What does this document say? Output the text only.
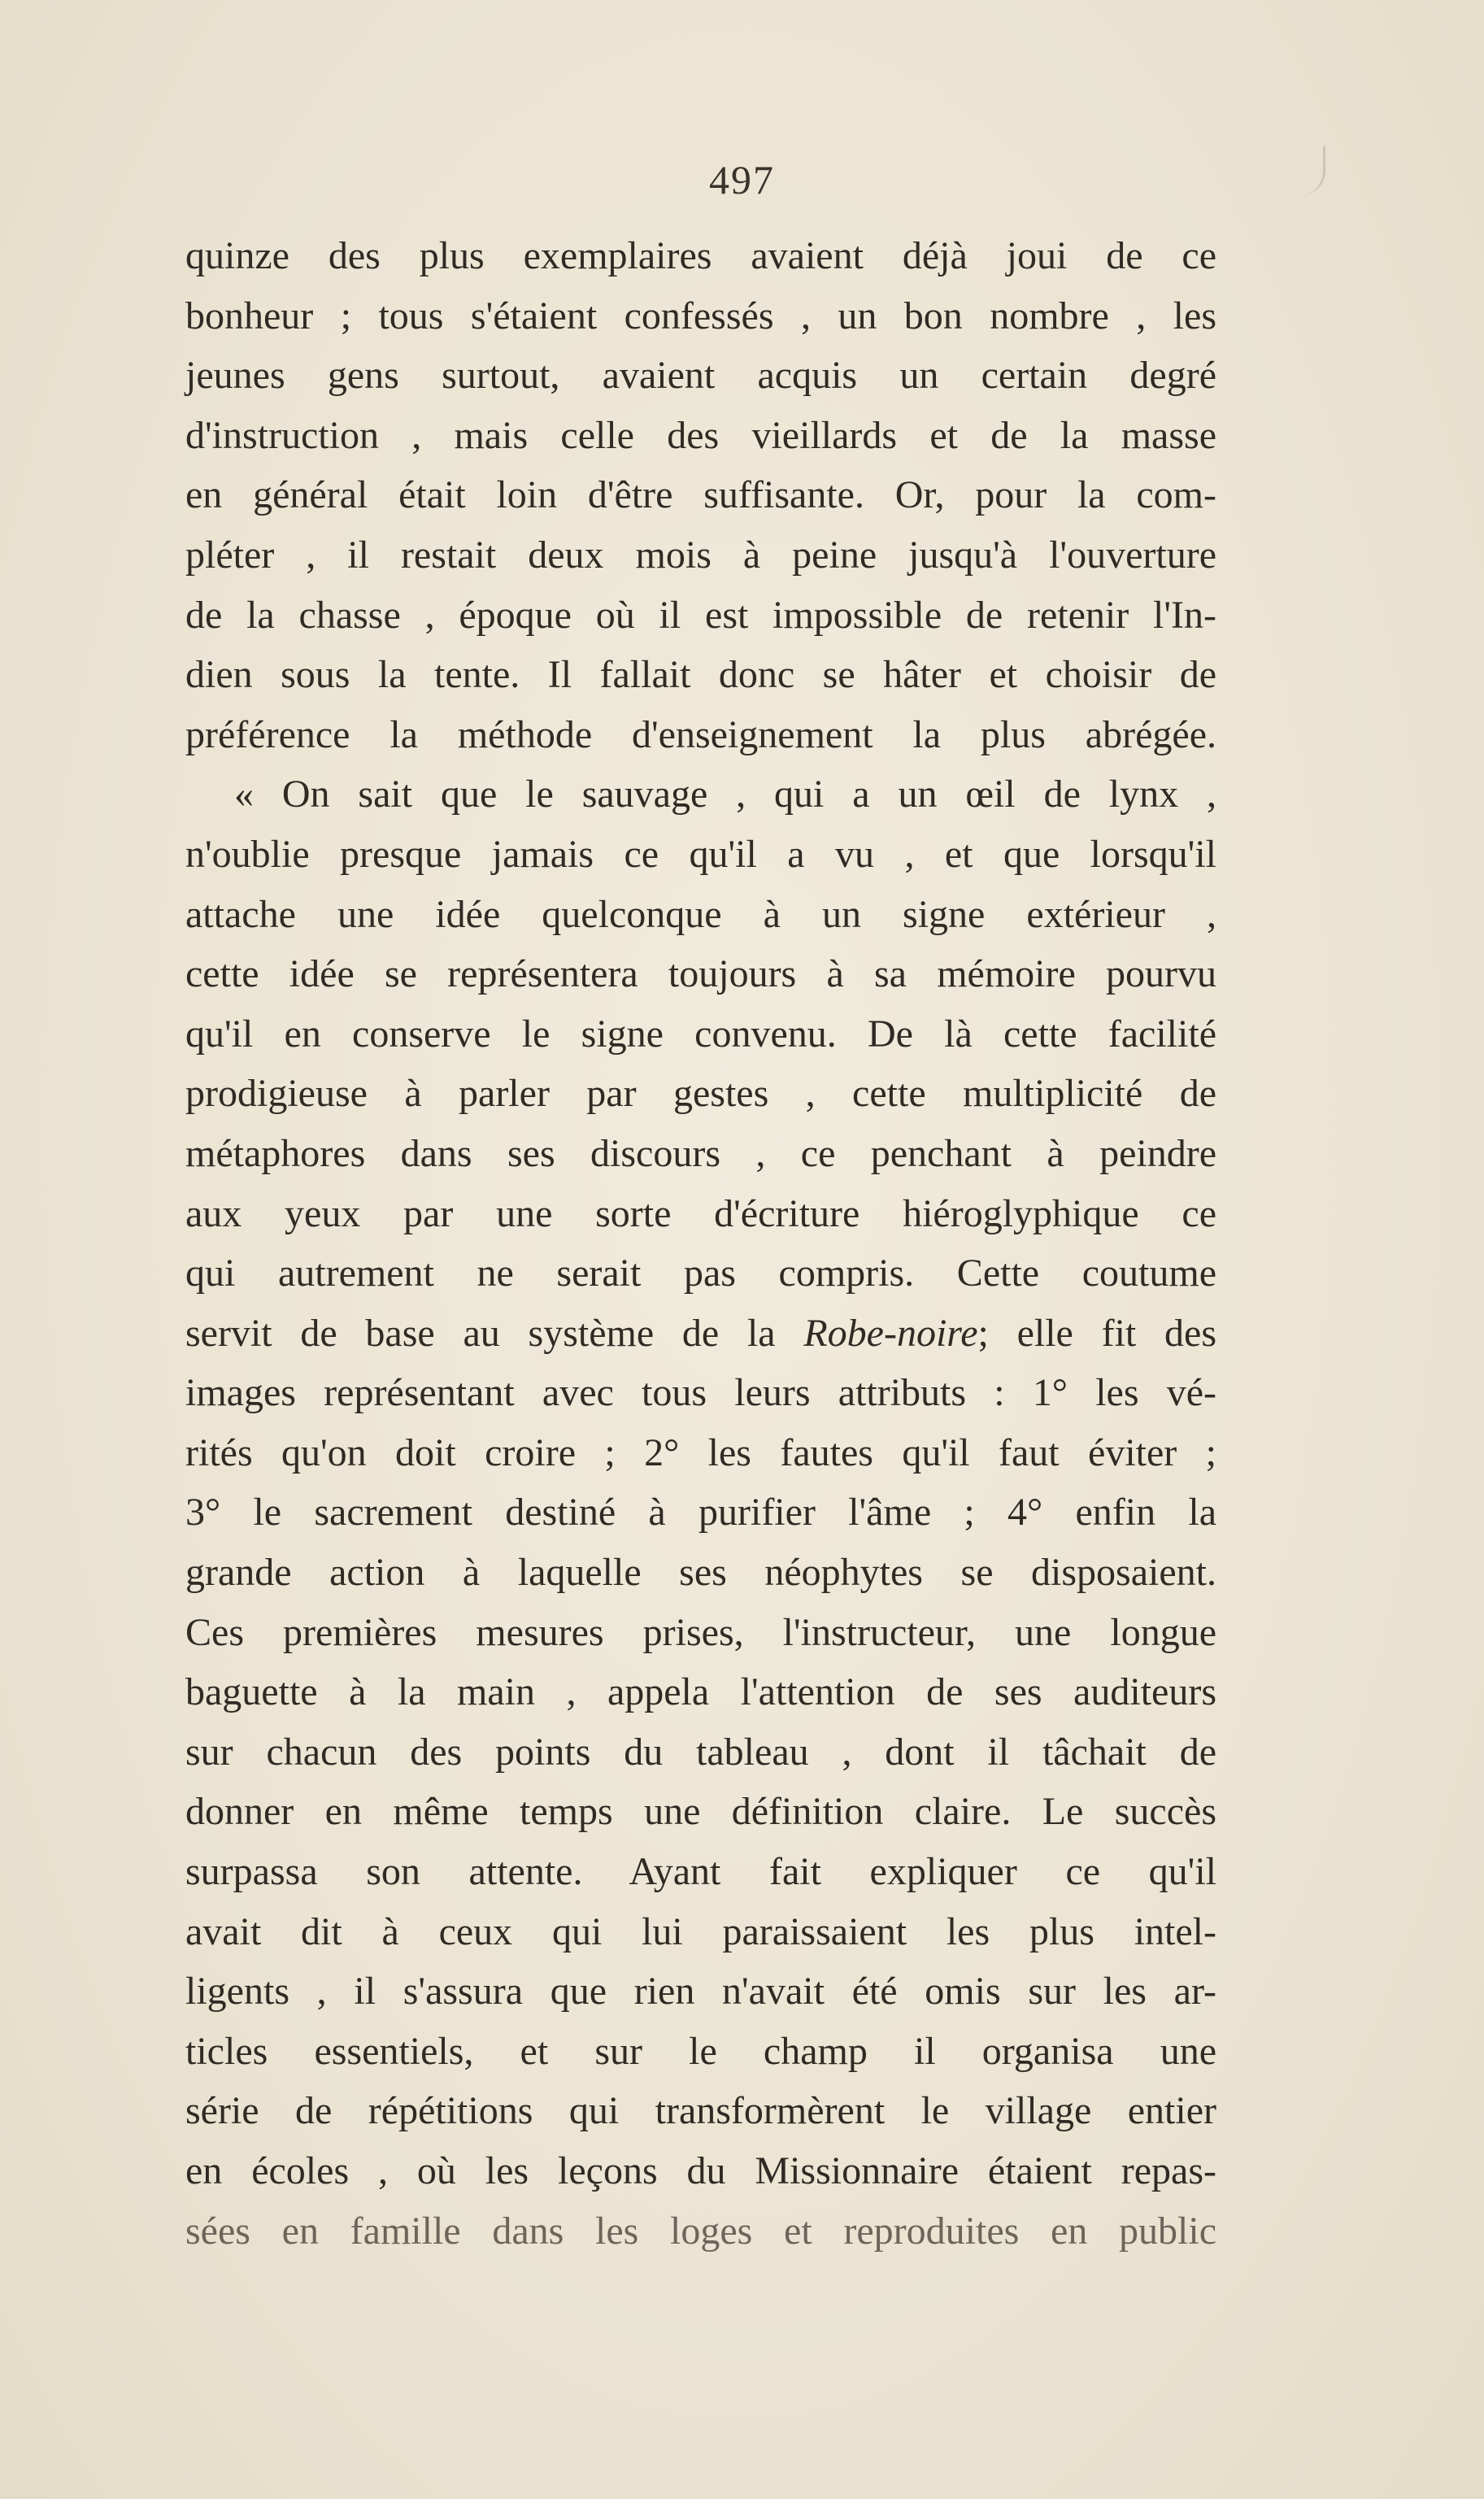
497
quinze des plus exemplaires avaient déjà joui de ce
bonheur ; tous s'étaient confessés , un bon nombre , les
jeunes gens surtout, avaient acquis un certain degré
d'instruction , mais celle des vieillards et de la masse
en général était loin d'être suffisante. Or, pour la com-
pléter , il restait deux mois à peine jusqu'à l'ouverture
de la chasse , époque où il est impossible de retenir l'In-
dien sous la tente. Il fallait donc se hâter et choisir de
préférence la méthode d'enseignement la plus abrégée.
« On sait que le sauvage , qui a un œil de lynx ,
n'oublie presque jamais ce qu'il a vu , et que lorsqu'il
attache une idée quelconque à un signe extérieur ,
cette idée se représentera toujours à sa mémoire pourvu
qu'il en conserve le signe convenu. De là cette facilité
prodigieuse à parler par gestes , cette multiplicité de
métaphores dans ses discours , ce penchant à peindre
aux yeux par une sorte d'écriture hiéroglyphique ce
qui autrement ne serait pas compris. Cette coutume
servit de base au système de la Robe-noire; elle fit des
images représentant avec tous leurs attributs : 1° les vé-
rités qu'on doit croire ; 2° les fautes qu'il faut éviter ;
3° le sacrement destiné à purifier l'âme ; 4° enfin la
grande action à laquelle ses néophytes se disposaient.
Ces premières mesures prises, l'instructeur, une longue
baguette à la main , appela l'attention de ses auditeurs
sur chacun des points du tableau , dont il tâchait de
donner en même temps une définition claire. Le succès
surpassa son attente. Ayant fait expliquer ce qu'il
avait dit à ceux qui lui paraissaient les plus intel-
ligents , il s'assura que rien n'avait été omis sur les ar-
ticles essentiels, et sur le champ il organisa une
série de répétitions qui transformèrent le village entier
en écoles , où les leçons du Missionnaire étaient repas-
sées en famille dans les loges et reproduites en public
